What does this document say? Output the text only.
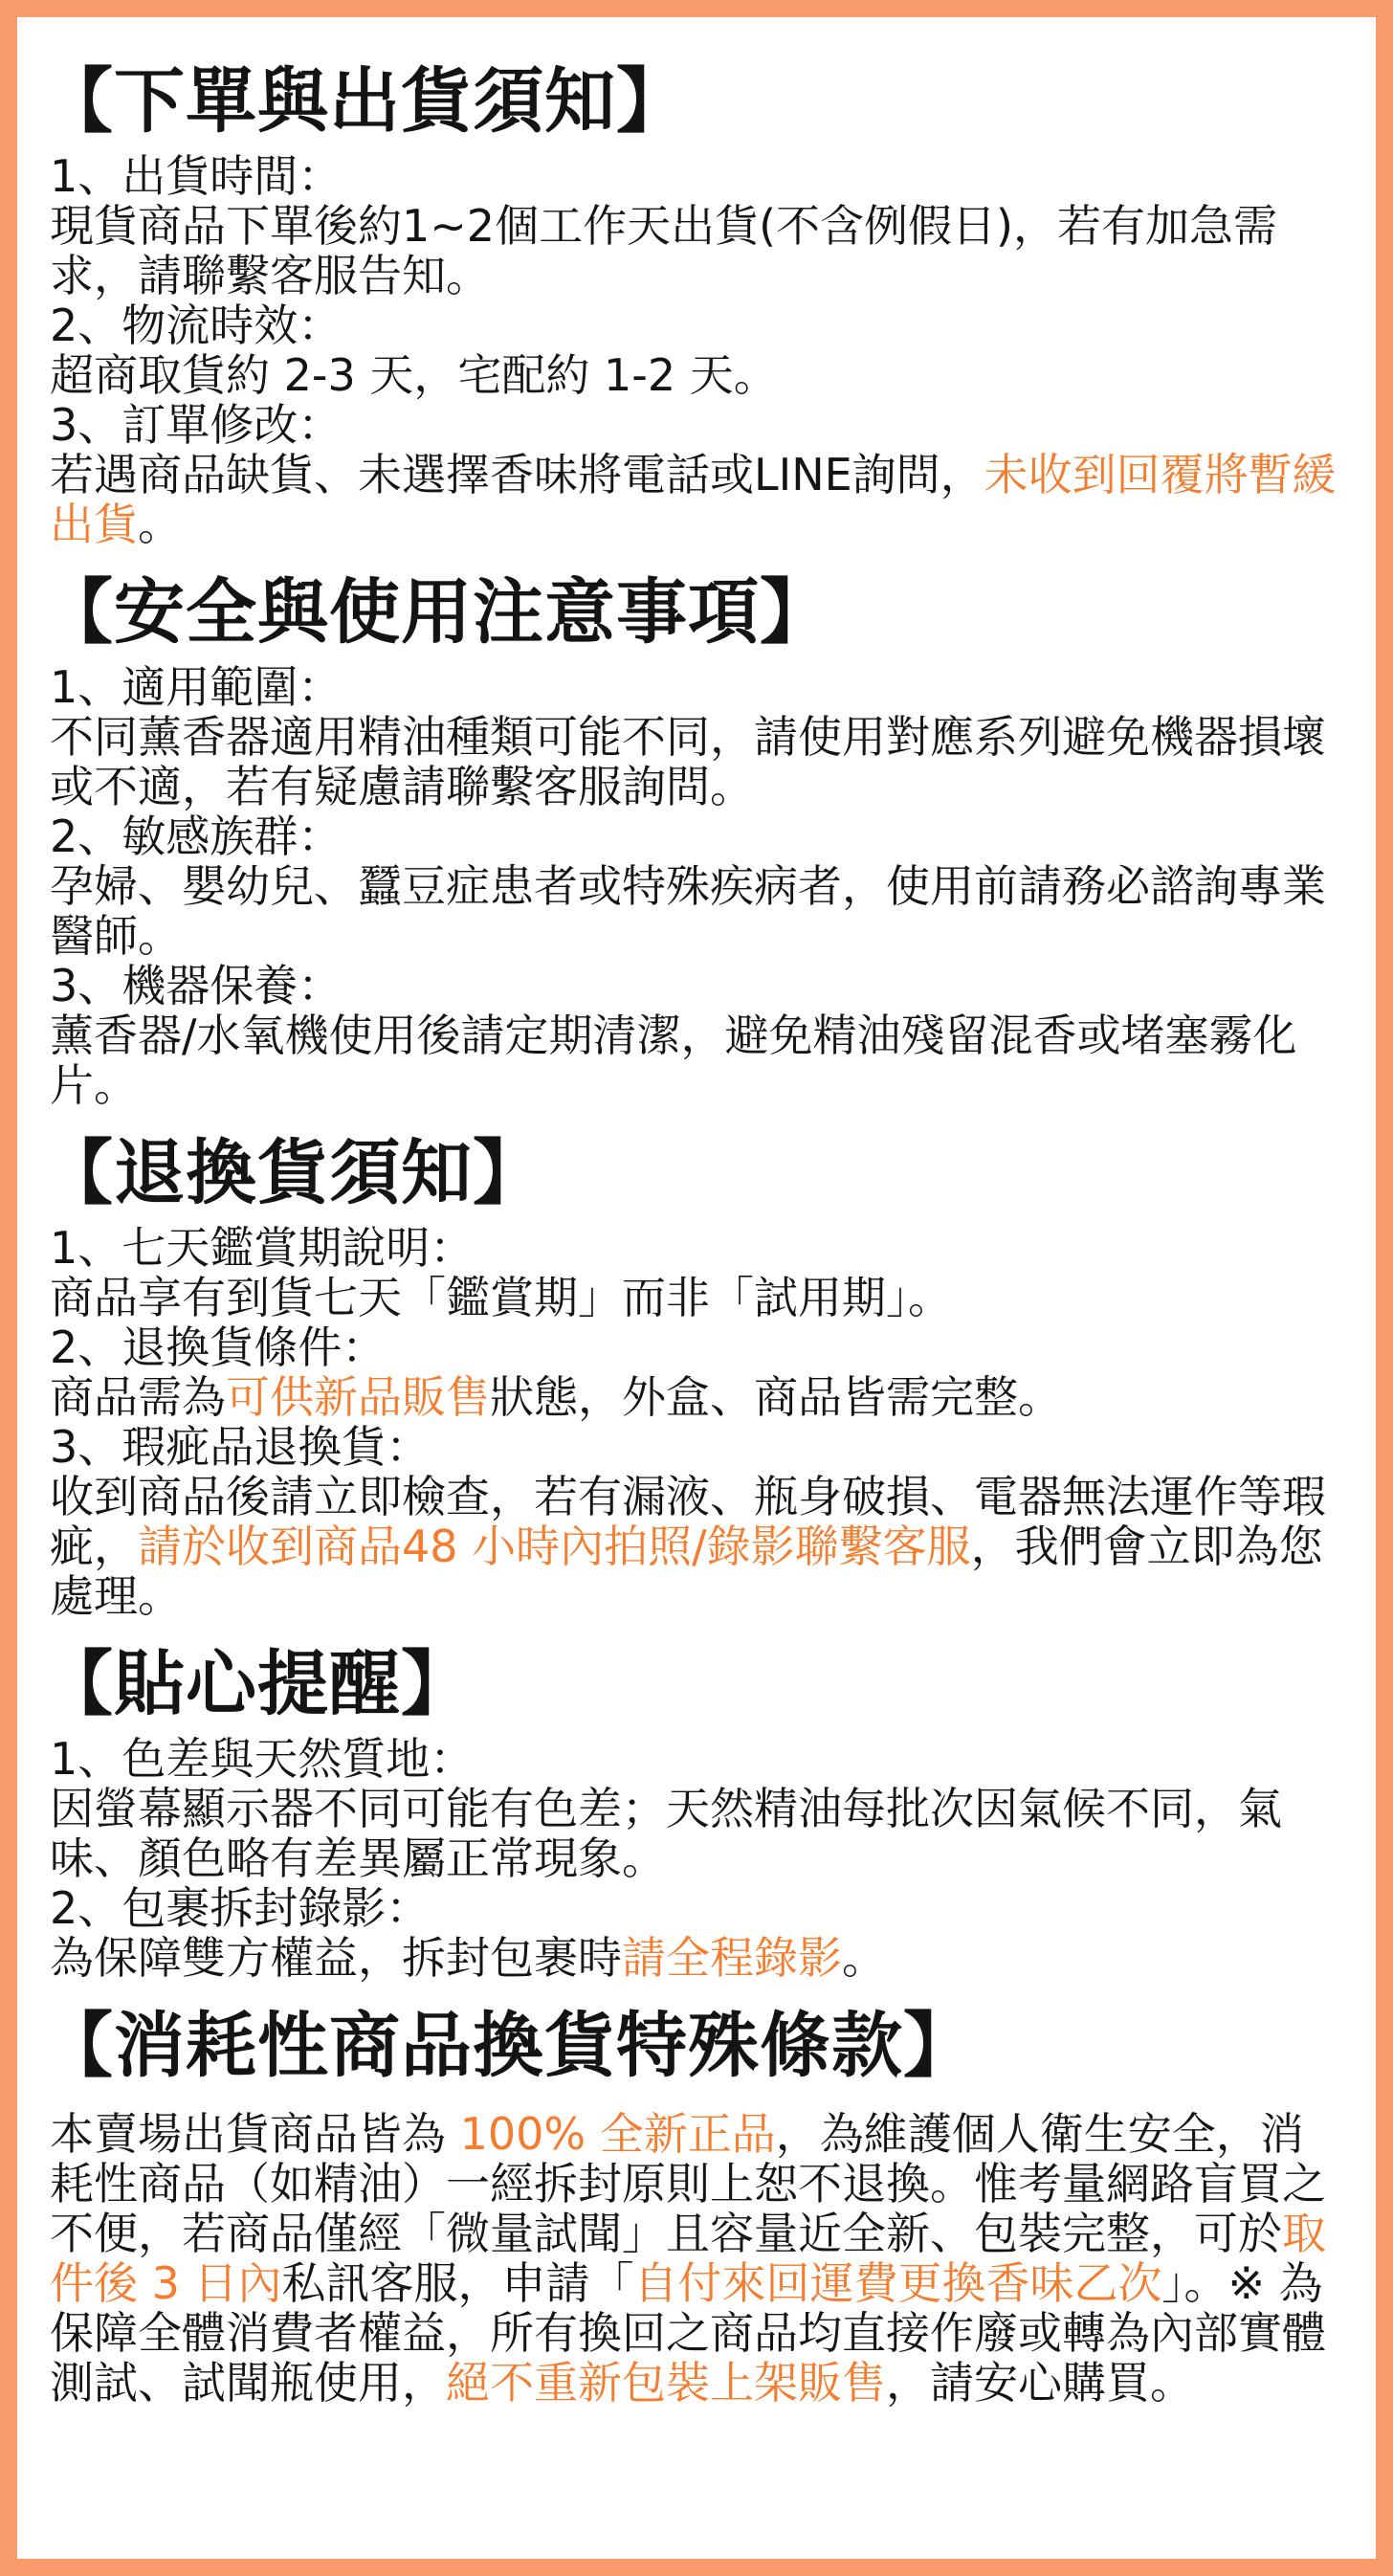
【下單與出貨須知】

1、出貨時間：

現貨商品下單後約1~2個工作天出貨(不含例假日)，若有加急需求，請聯繫客服告知。

2、物流時效：

超商取貨約 2-3 天，宅配約 1-2 天。

3、訂單修改：

若遇商品缺貨、未選擇香味將電話或LINE詢問，未收到回覆將暫緩出貨。

【安全與使用注意事項】

1、適用範圍：

不同薰香器適用精油種類可能不同，請使用對應系列避免機器損壞或不適，若有疑慮請聯繫客服詢問。

2、敏感族群：

孕婦、嬰幼兒、蠶豆症患者或特殊疾病者，使用前請務必諮詢專業醫師。

3、機器保養：

薰香器/水氧機使用後請定期清潔，避免精油殘留混香或堵塞霧化片。

【退換貨須知】

1、七天鑑賞期說明：

商品享有到貨七天「鑑賞期」而非「試用期」。

2、退換貨條件：

商品需為可供新品販售狀態，外盒、商品皆需完整。

3、瑕疵品退換貨：

收到商品後請立即檢查，若有漏液、瓶身破損、電器無法運作等瑕疵，請於收到商品48 小時內拍照/錄影聯繫客服，我們會立即為您處理。

【貼心提醒】

1、色差與天然質地：

因螢幕顯示器不同可能有色差；天然精油每批次因氣候不同，氣味、顏色略有差異屬正常現象。

2、包裹拆封錄影：

為保障雙方權益，拆封包裹時請全程錄影。

【消耗性商品換貨特殊條款】

本賣場出貨商品皆為 100% 全新正品，為維護個人衛生安全，消耗性商品（如精油）一經拆封原則上恕不退換。惟考量網路盲買之不便，若商品僅經「微量試聞」且容量近全新、包裝完整，可於取件後 3 日內私訊客服，申請「自付來回運費更換香味乙次」。※ 為保障全體消費者權益，所有換回之商品均直接作廢或轉為內部實體測試、試聞瓶使用，絕不重新包裝上架販售，請安心購買。
